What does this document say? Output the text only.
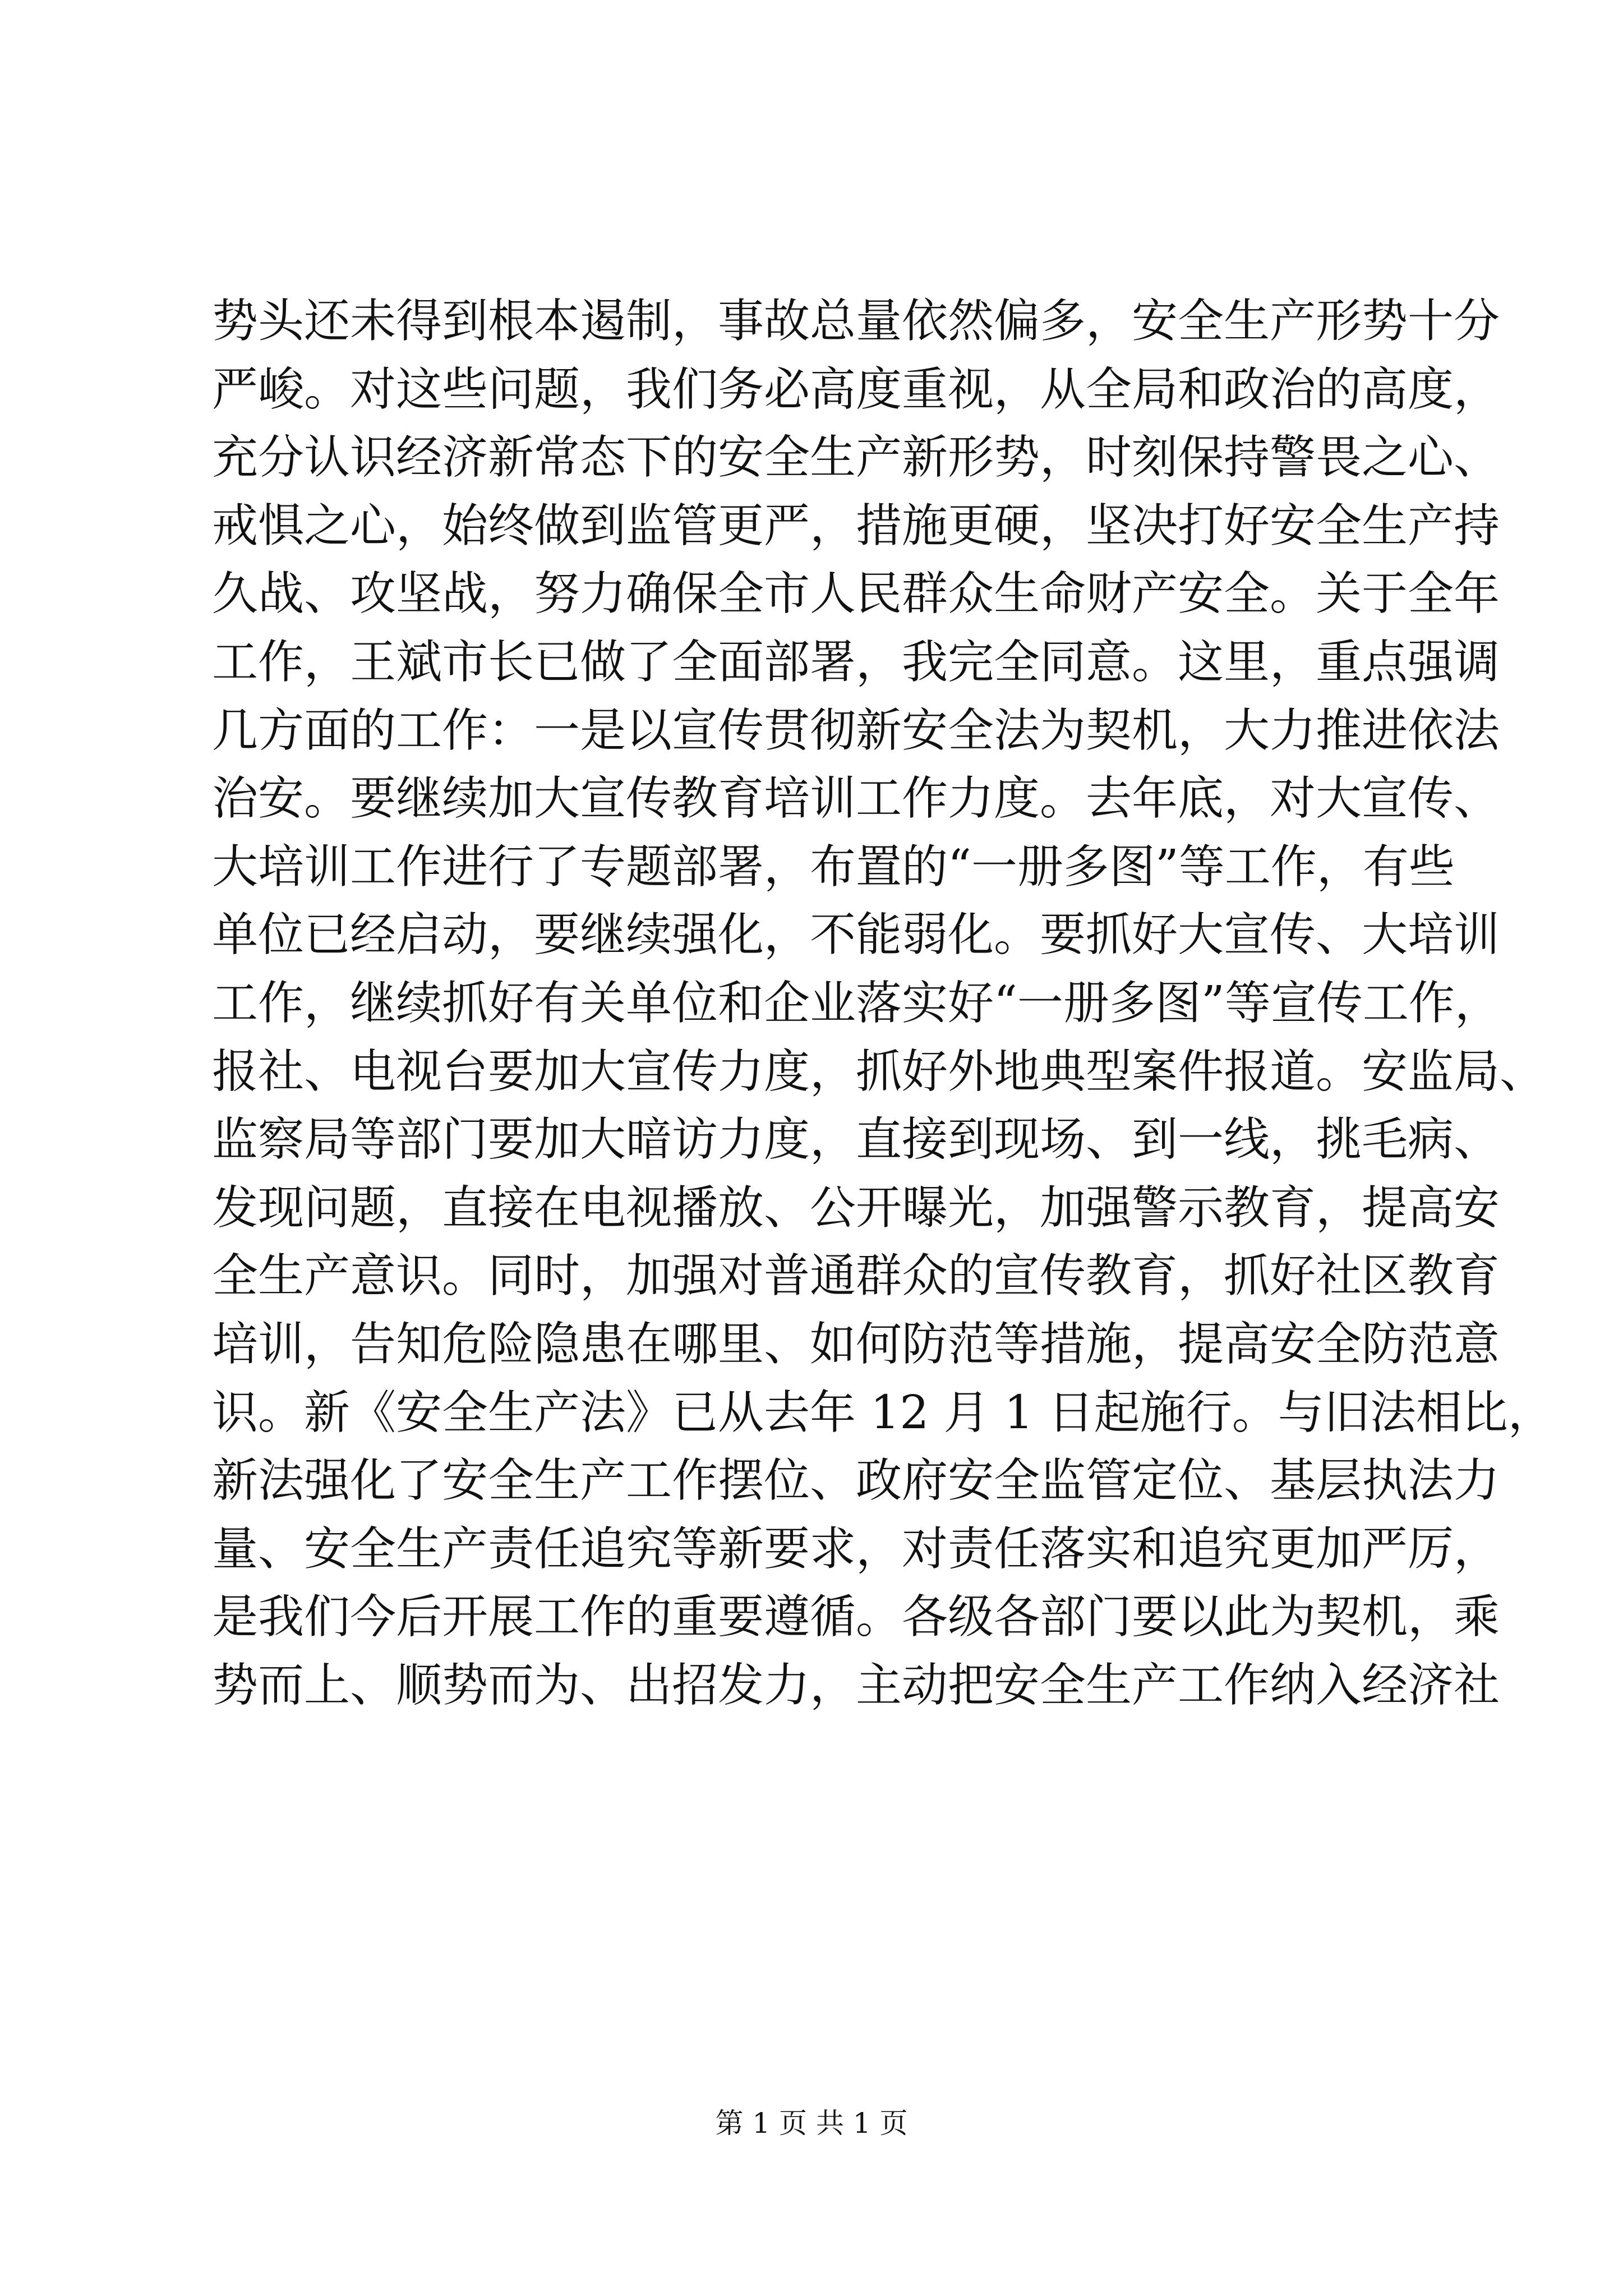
势头还未得到根本遏制，事故总量依然偏多，安全生产形势十分
严峻。对这些问题，我们务必高度重视，从全局和政治的高度，
充分认识经济新常态下的安全生产新形势，时刻保持警畏之心、
戒惧之心，始终做到监管更严，措施更硬，坚决打好安全生产持
久战、攻坚战，努力确保全市人民群众生命财产安全。关于全年
工作，王斌市长已做了全面部署，我完全同意。这里，重点强调
几方面的工作：一是以宣传贯彻新安全法为契机，大力推进依法
治安。要继续加大宣传教育培训工作力度。去年底，对大宣传、
大培训工作进行了专题部署，布置的“一册多图”等工作，有些
单位已经启动，要继续强化，不能弱化。要抓好大宣传、大培训
工作，继续抓好有关单位和企业落实好“一册多图”等宣传工作，
报社、电视台要加大宣传力度，抓好外地典型案件报道。安监局、
监察局等部门要加大暗访力度，直接到现场、到一线，挑毛病、
发现问题，直接在电视播放、公开曝光，加强警示教育，提高安
全生产意识。同时，加强对普通群众的宣传教育，抓好社区教育
培训，告知危险隐患在哪里、如何防范等措施，提高安全防范意
识。新《安全生产法》已从去年 12 月 1 日起施行。与旧法相比，
新法强化了安全生产工作摆位、政府安全监管定位、基层执法力
量、安全生产责任追究等新要求，对责任落实和追究更加严厉，
是我们今后开展工作的重要遵循。各级各部门要以此为契机，乘
势而上、顺势而为、出招发力，主动把安全生产工作纳入经济社
第 1 页 共 1 页
